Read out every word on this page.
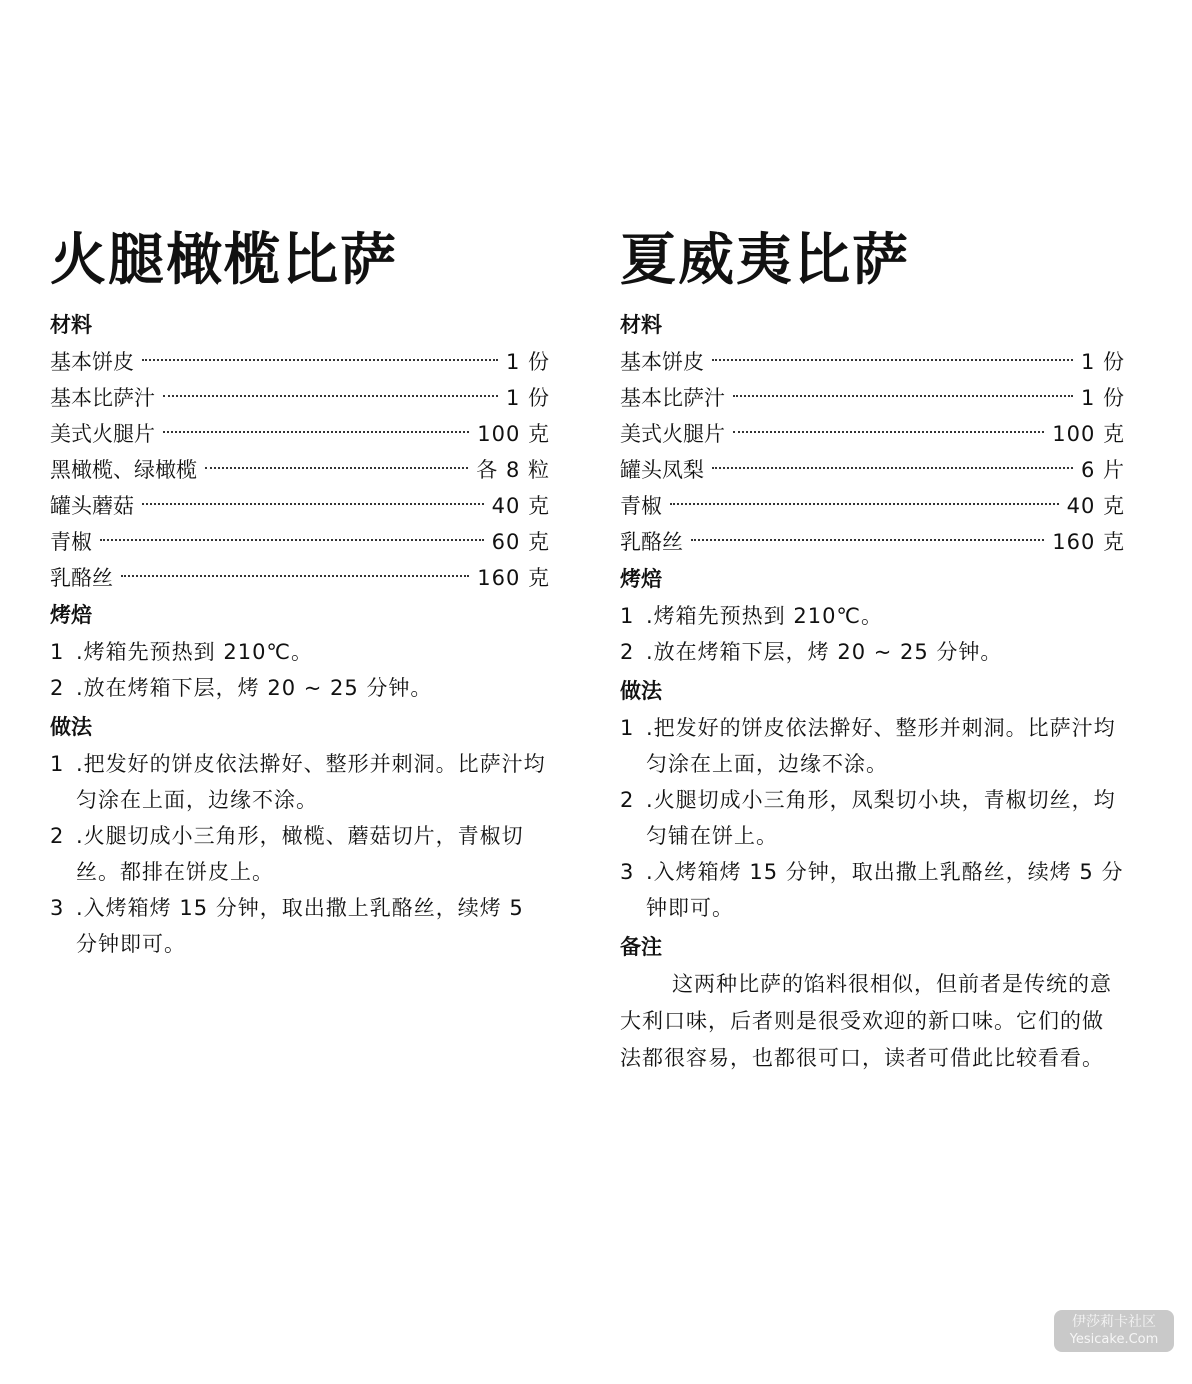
火腿橄榄比萨
材料
基本饼皮	1 份
基本比萨汁	1 份
美式火腿片	100 克
黑橄榄、绿橄榄	各 8 粒
罐头蘑菇	40 克
青椒	60 克
乳酪丝	160 克
烤焙
1 .烤箱先预热到 210℃。
2 .放在烤箱下层，烤 20 ~ 25 分钟。
做法
1 .把发好的饼皮依法擀好、整形并刺洞。比萨汁均匀涂在上面，边缘不涂。
2 .火腿切成小三角形，橄榄、蘑菇切片，青椒切丝。都排在饼皮上。
3 .入烤箱烤 15 分钟，取出撒上乳酪丝，续烤 5 分钟即可。
夏威夷比萨
材料
基本饼皮	1 份
基本比萨汁	1 份
美式火腿片	100 克
罐头凤梨	6 片
青椒	40 克
乳酪丝	160 克
烤焙
1 .烤箱先预热到 210℃。
2 .放在烤箱下层，烤 20 ~ 25 分钟。
做法
1 .把发好的饼皮依法擀好、整形并刺洞。比萨汁均匀涂在上面，边缘不涂。
2 .火腿切成小三角形，凤梨切小块，青椒切丝，均匀铺在饼上。
3 .入烤箱烤 15 分钟，取出撒上乳酪丝，续烤 5 分钟即可。
备注

这两种比萨的馅料很相似，但前者是传统的意大利口味，后者则是很受欢迎的新口味。它们的做法都很容易，也都很可口，读者可借此比较看看。

伊莎莉卡社区
Yesicake.Com
